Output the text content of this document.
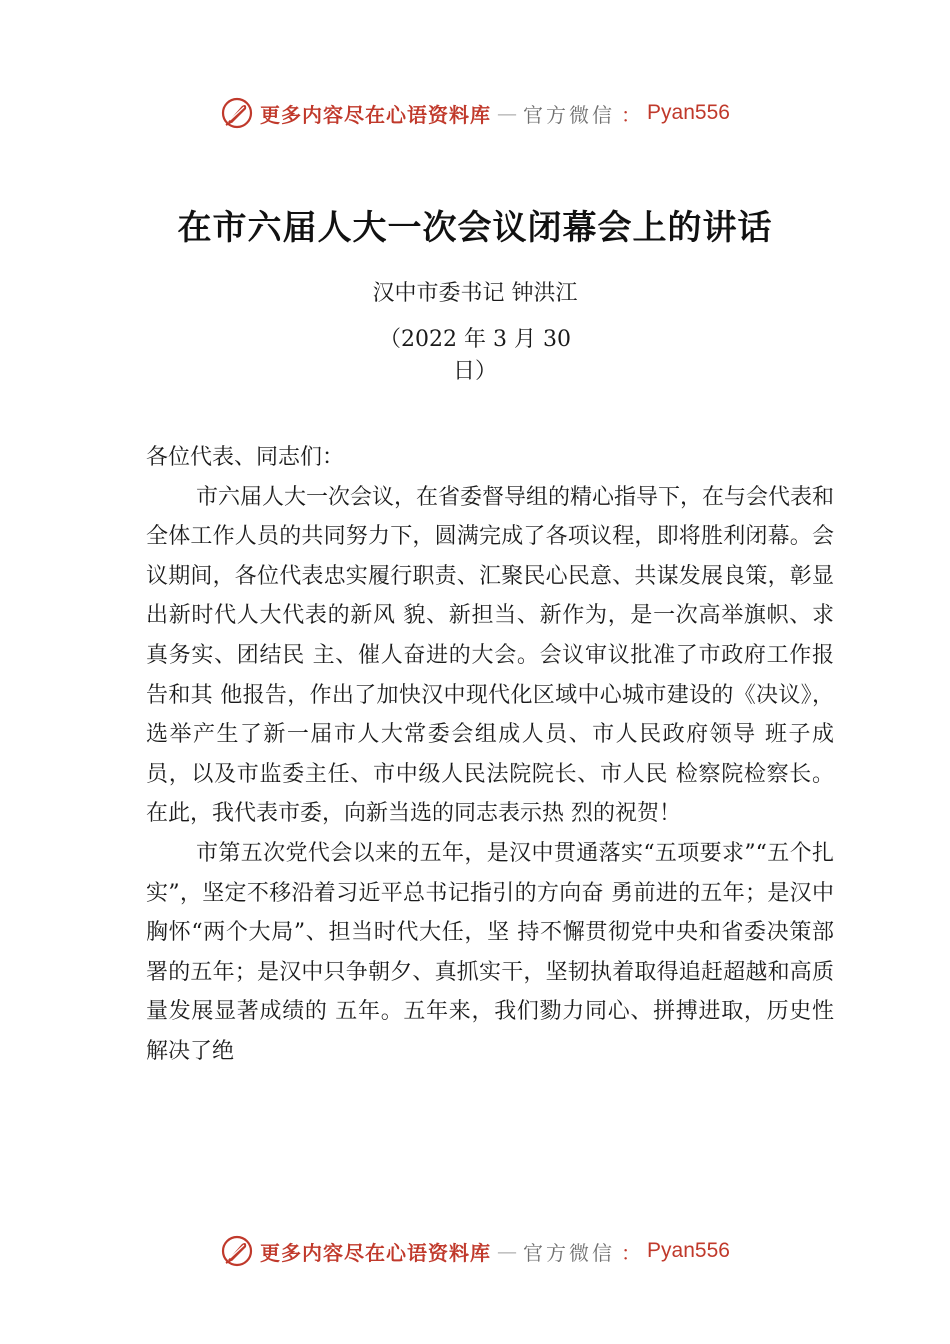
更多内容尽在心语资料库 — 官方微信 ： Pyan556
在市六届人大一次会议闭幕会上的讲话
汉中市委书记 钟洪江
（2022 年 3 月 30
日）

各位代表、同志们：

市六届人大一次会议，在省委督导组的精心指导下，在与会代表和全体工作人员的共同努力下，圆满完成了各项议程，即将胜利闭幕。会议期间，各位代表忠实履行职责、汇聚民心民意、共谋发展良策，彰显出新时代人大代表的新风 貌、新担当、新作为，是一次高举旗帜、求真务实、团结民 主、催人奋进的大会。会议审议批准了市政府工作报告和其 他报告，作出了加快汉中现代化区域中心城市建设的《决议》， 选举产生了新一届市人大常委会组成人员、市人民政府领导 班子成员，以及市监委主任、市中级人民法院院长、市人民 检察院检察长。在此，我代表市委，向新当选的同志表示热 烈的祝贺！

市第五次党代会以来的五年，是汉中贯通落实“五项要求”“五个扎实”，坚定不移沿着习近平总书记指引的方向奋 勇前进的五年；是汉中胸怀“两个大局”、担当时代大任，坚 持不懈贯彻党中央和省委决策部署的五年；是汉中只争朝夕、真抓实干，坚韧执着取得追赶超越和高质量发展显著成绩的 五年。五年来，我们勠力同心、拼搏进取，历史性解决了绝

更多内容尽在心语资料库 — 官方微信 ： Pyan556
